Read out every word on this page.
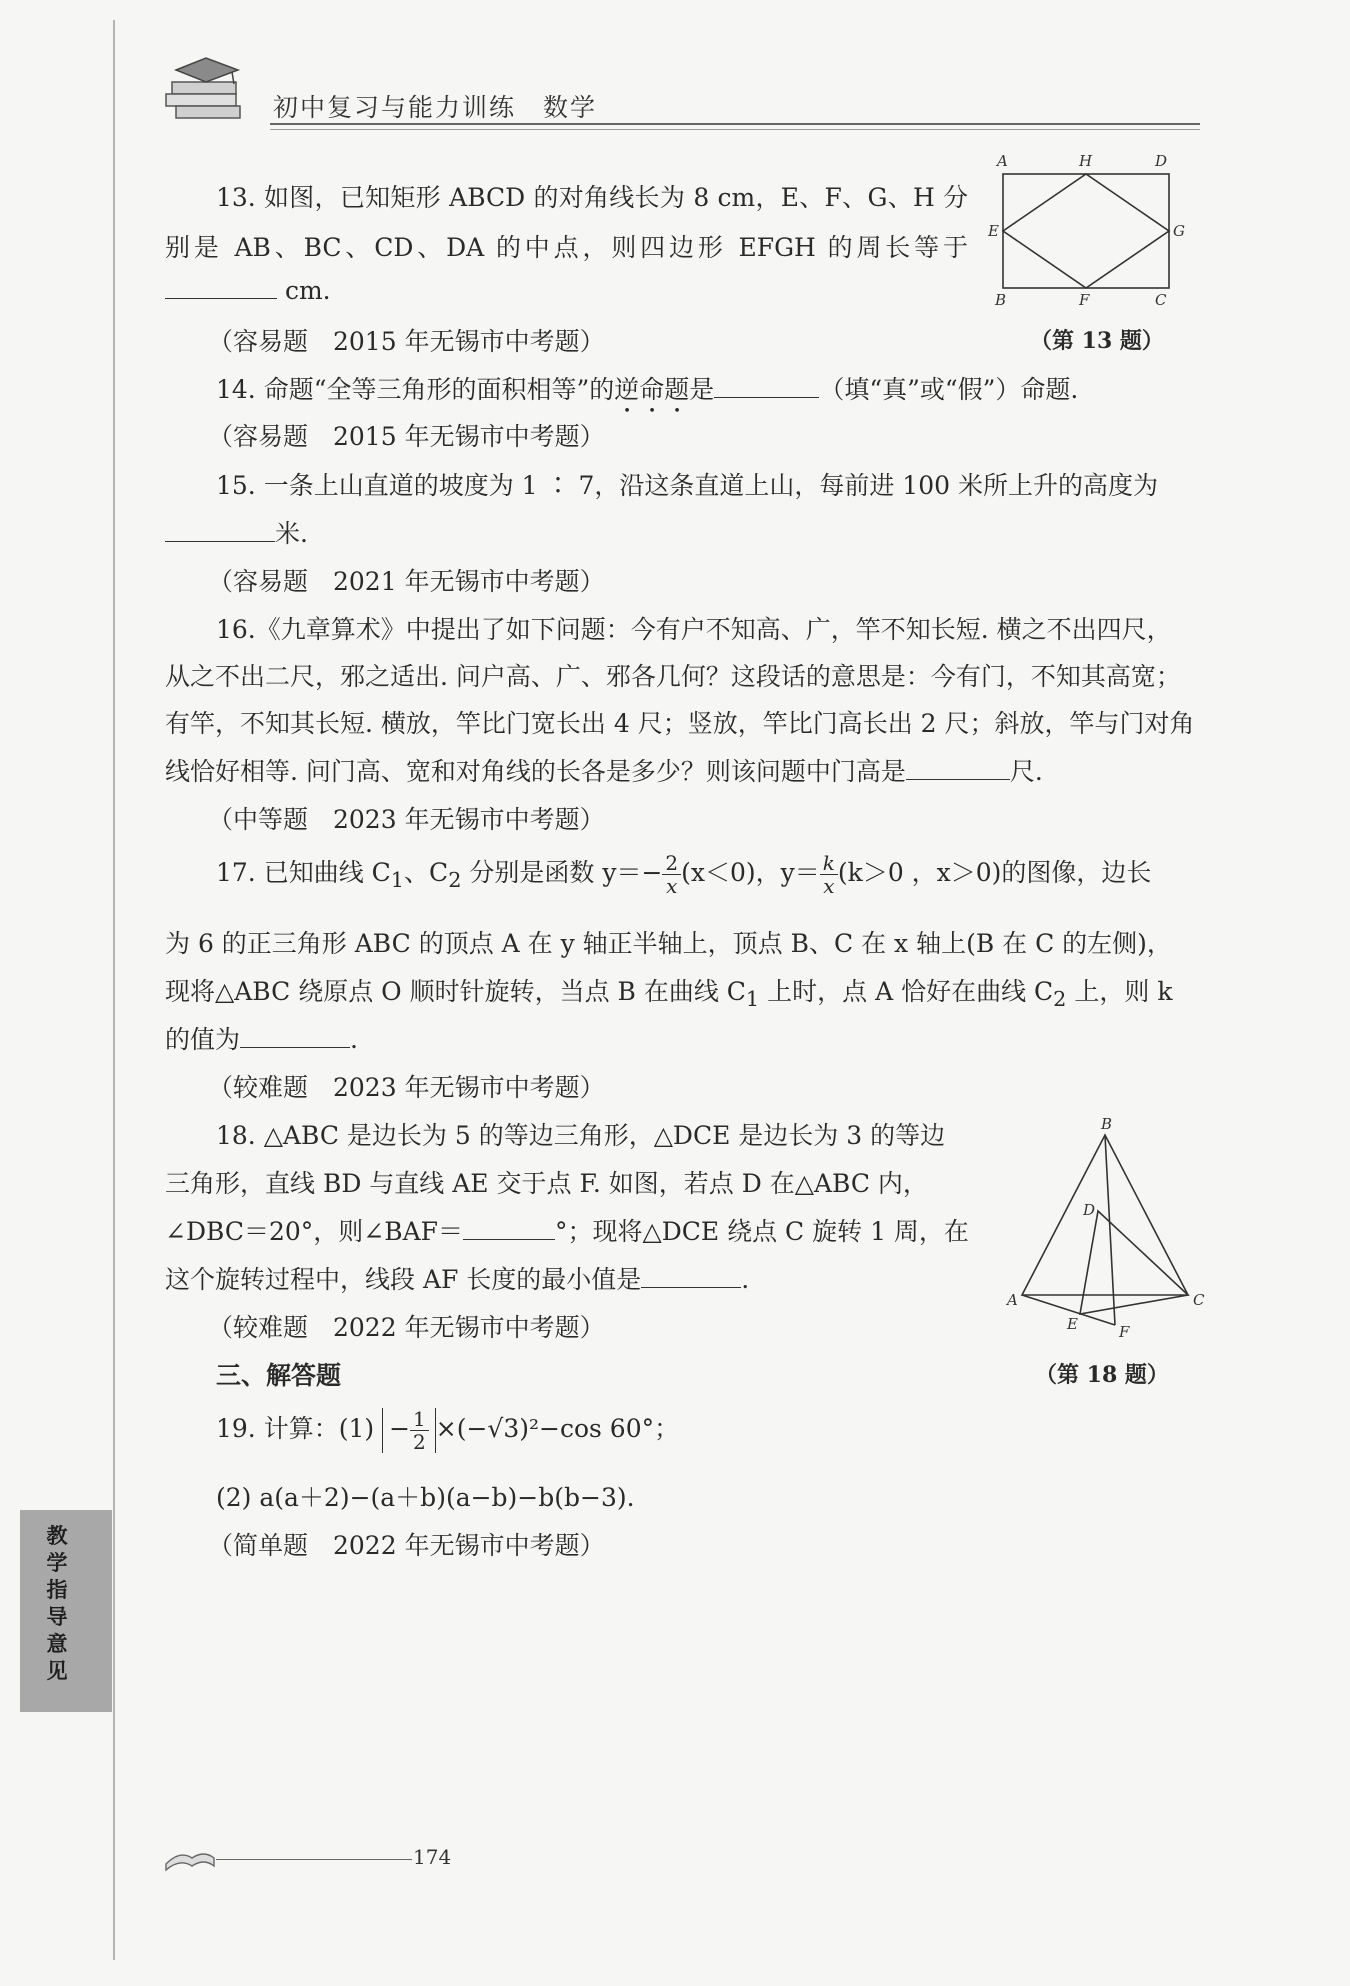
初中复习与能力训练　数学
教
学
指
导
意
见
13. 如图，已知矩形 ABCD 的对角线长为 8 cm，E、F、G、H 分
别是 AB、BC、CD、DA 的中点，则四边形 EFGH 的周长等于
cm.
（容易题　2015 年无锡市中考题）
A	H	D
E	G
B	F	C
（第 13 题）
14. 命题“全等三角形的面积相等”的逆命题是	（填“真”或“假”）命题.
（容易题　2015 年无锡市中考题）
15. 一条上山直道的坡度为 1 ∶ 7，沿这条直道上山，每前进 100 米所上升的高度为
米.
（容易题　2021 年无锡市中考题）
16.《九章算术》中提出了如下问题：今有户不知高、广，竿不知长短. 横之不出四尺，
从之不出二尺，邪之适出. 问户高、广、邪各几何？这段话的意思是：今有门，不知其高宽；
有竿，不知其长短. 横放，竿比门宽长出 4 尺；竖放，竿比门高长出 2 尺；斜放，竿与门对角
线恰好相等. 问门高、宽和对角线的长各是多少？则该问题中门高是	尺.
（中等题　2023 年无锡市中考题）
17. 已知曲线 $C_1$、$C_2$ 分别是函数 $y=- \frac{2}{x} (x<0)$，$y= \frac{k}{x} (k>0$ ，x＞0)的图像，边长
为 6 的正三角形 ABC 的顶点 A 在 y 轴正半轴上，顶点 B、C 在 x 轴上(B 在 C 的左侧)，
现将△ABC 绕原点 O 顺时针旋转，当点 B 在曲线 $C_1$ 上时，点 A 恰好在曲线 $C_2$ 上，则 k
的值为	.
（较难题　2023 年无锡市中考题）
18. △ABC 是边长为 5 的等边三角形，△DCE 是边长为 3 的等边
三角形，直线 BD 与直线 AE 交于点 F. 如图，若点 D 在△ABC 内，
∠DBC＝20°，则∠BAF＝	°；现将△DCE 绕点 C 旋转 1 周，在
这个旋转过程中，线段 AF 长度的最小值是	.
（较难题　2022 年无锡市中考题）
B
D
A	C
E	F
（第 18 题）
三、解答题
19. 计算：$(1) - \frac{1}{2} \times(-√3)^2-\cos$ 60°；
(2) a(a＋2)−(a＋b)(a−b)−b(b−3).
（简单题　2022 年无锡市中考题）
174
